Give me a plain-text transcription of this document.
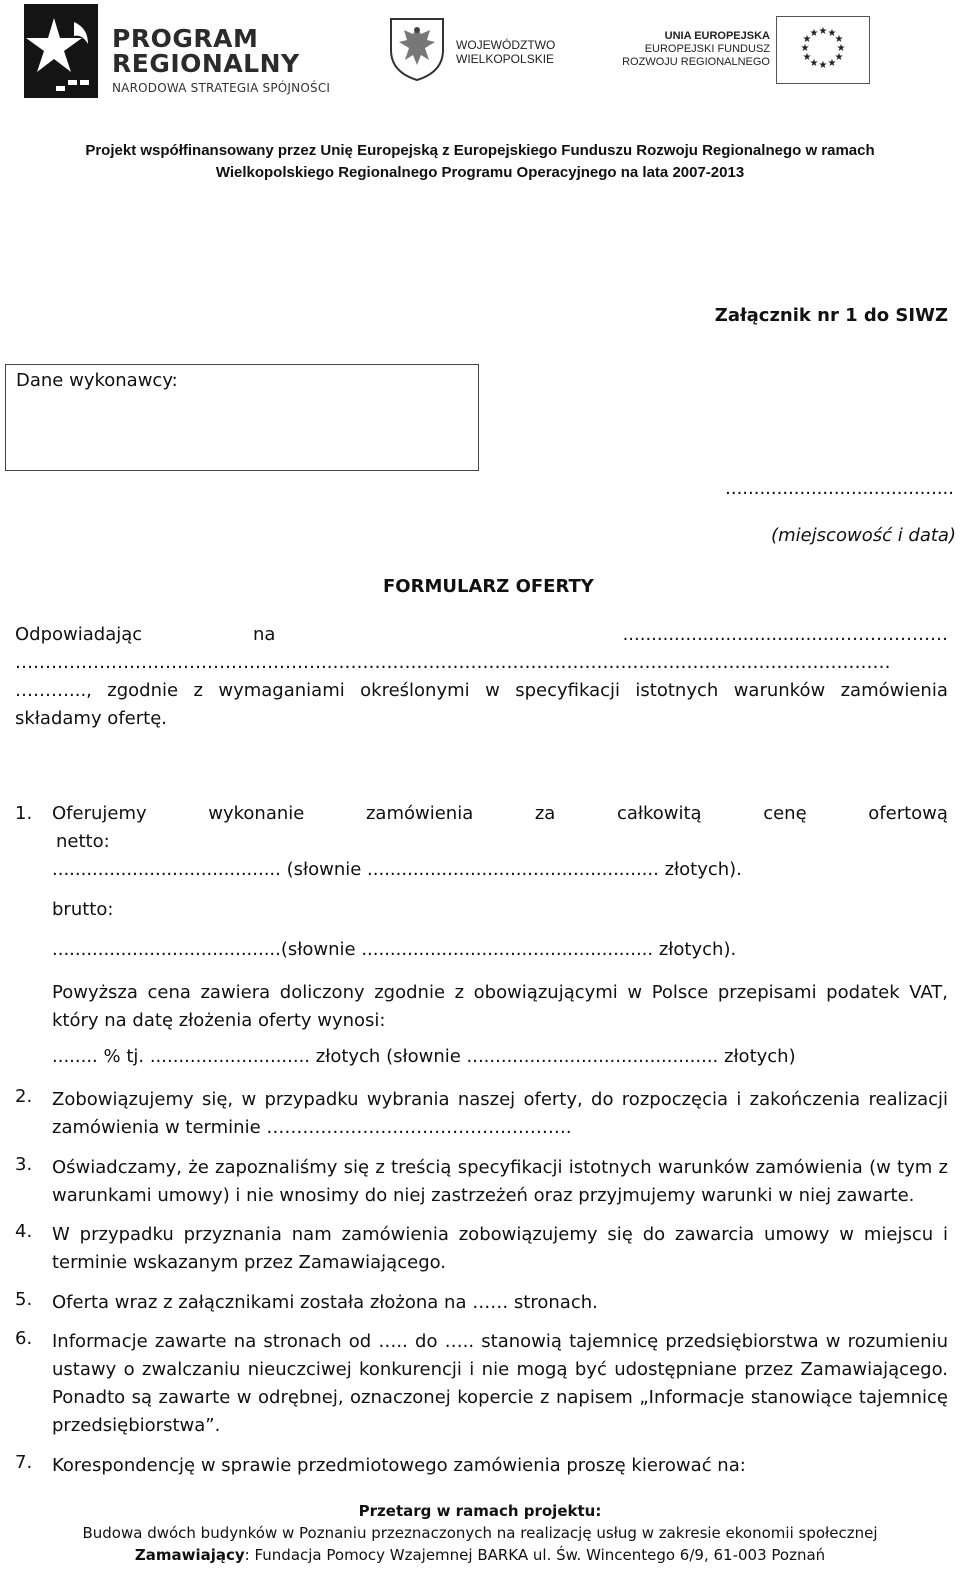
PROGRAM
REGIONALNY
NARODOWA STRATEGIA SPÓJNOŚCI
WOJEWÓDZTWO
WIELKOPOLSKIE
UNIA EUROPEJSKA
EUROPEJSKI FUNDUSZ
ROZWOJU REGIONALNEGO
★ ★
★
★
★
★
★
★
★
★
★
★
Projekt współfinansowany przez Unię Europejską z Europejskiego Funduszu Rozwoju Regionalnego w ramach
Wielkopolskiego Regionalnego Programu Operacyjnego na lata 2007-2013
Załącznik nr 1 do SIWZ
Dane wykonawcy:
........................................
(miejscowość i data)
FORMULARZ OFERTY
Odpowiadając	na	......................................………………
……………………………………………..…………………………………………………………………………………
………..., zgodnie z wymaganiami określonymi w specyfikacji istotnych warunków zamówienia
składamy ofertę.
1. Oferujemy	wykonanie	zamówienia	za	całkowitą	cenę	ofertową
netto:
........................................ (słownie ................................................... złotych).
brutto:
........................................(słownie ................................................... złotych).
Powyższa cena zawiera doliczony zgodnie z obowiązującymi w Polsce przepisami podatek VAT, który na datę złożenia oferty wynosi:
........ % tj. ............................ złotych (słownie ............................................ złotych)
2. Zobowiązujemy się, w przypadku wybrania naszej oferty, do rozpoczęcia i zakończenia realizacji zamówienia w terminie ………………….……………….……….
3. Oświadczamy, że zapoznaliśmy się z treścią specyfikacji istotnych warunków zamówienia (w tym z warunkami umowy) i nie wnosimy do niej zastrzeżeń oraz przyjmujemy warunki w niej zawarte.
4. W przypadku przyznania nam zamówienia zobowiązujemy się do zawarcia umowy w miejscu i terminie wskazanym przez Zamawiającego.
5. Oferta wraz z załącznikami została złożona na …… stronach.
6. Informacje zawarte na stronach od ….. do ….. stanowią tajemnicę przedsiębiorstwa w rozumieniu ustawy o zwalczaniu nieuczciwej konkurencji i nie mogą być udostępniane przez Zamawiającego. Ponadto są zawarte w odrębnej, oznaczonej kopercie z napisem „Informacje stanowiące tajemnicę przedsiębiorstwa”.
7. Korespondencję w sprawie przedmiotowego zamówienia proszę kierować na:
Przetarg w ramach projektu:
Budowa dwóch budynków w Poznaniu przeznaczonych na realizację usług w zakresie ekonomii społecznej
Zamawiający: Fundacja Pomocy Wzajemnej BARKA ul. Św. Wincentego 6/9, 61-003 Poznań
